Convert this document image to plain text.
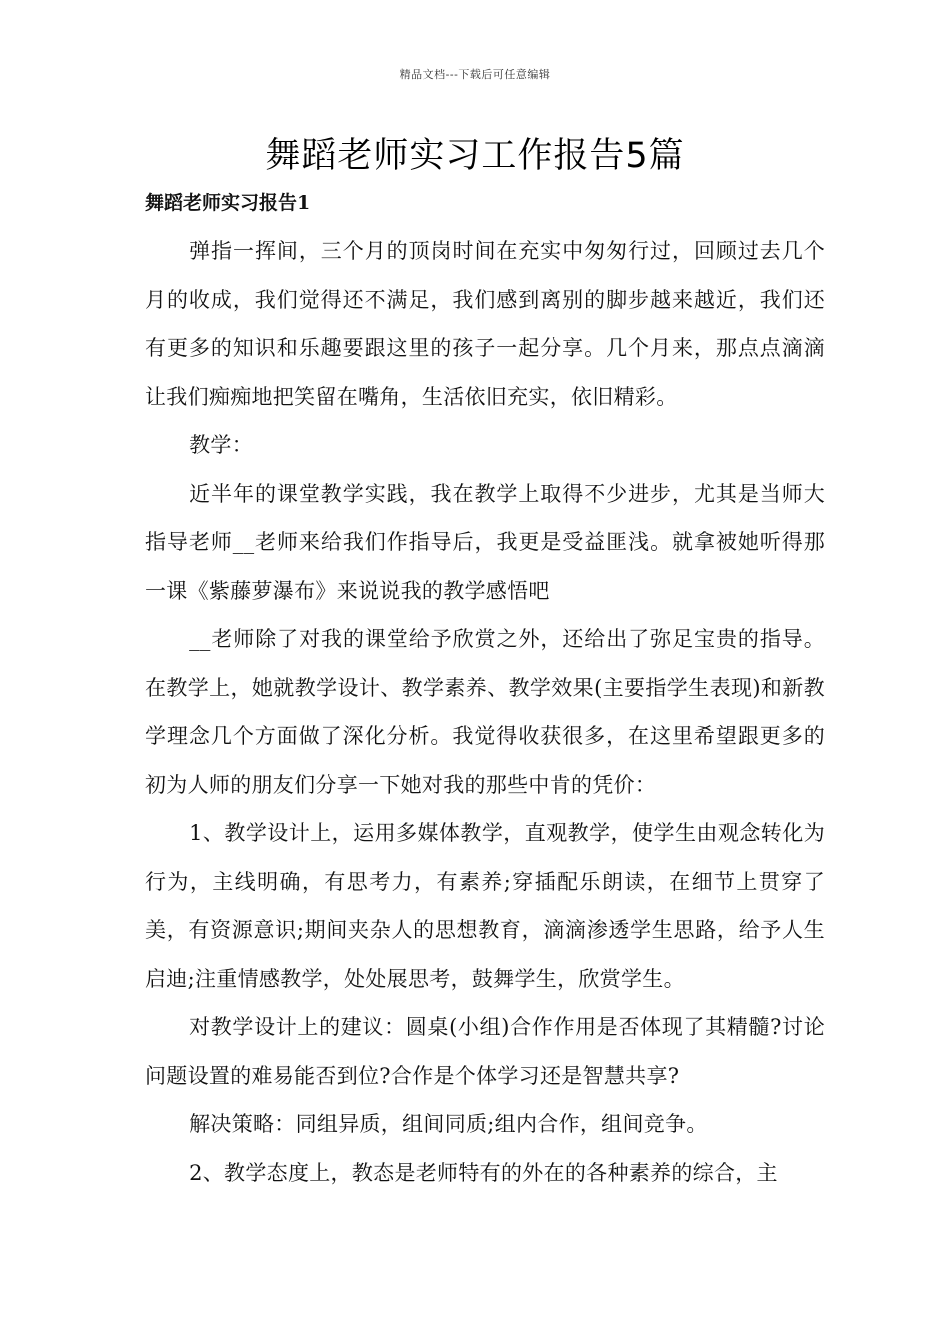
精品文档---下载后可任意编辑
舞蹈老师实习工作报告5篇
舞蹈老师实习报告1

弹指一挥间，三个月的顶岗时间在充实中匆匆行过，回顾过去几个月的收成，我们觉得还不满足，我们感到离别的脚步越来越近，我们还有更多的知识和乐趣要跟这里的孩子一起分享。几个月来，那点点滴滴让我们痴痴地把笑留在嘴角，生活依旧充实，依旧精彩。

教学：

近半年的课堂教学实践，我在教学上取得不少进步，尤其是当师大指导老师__老师来给我们作指导后，我更是受益匪浅。就拿被她听得那一课《紫藤萝瀑布》来说说我的教学感悟吧

__老师除了对我的课堂给予欣赏之外，还给出了弥足宝贵的指导。在教学上，她就教学设计、教学素养、教学效果(主要指学生表现)和新教学理念几个方面做了深化分析。我觉得收获很多，在这里希望跟更多的初为人师的朋友们分享一下她对我的那些中肯的凭价：

1、教学设计上，运用多媒体教学，直观教学，使学生由观念转化为行为，主线明确，有思考力，有素养;穿插配乐朗读，在细节上贯穿了美，有资源意识;期间夹杂人的思想教育，滴滴渗透学生思路，给予人生启迪;注重情感教学，处处展思考，鼓舞学生，欣赏学生。

对教学设计上的建议：圆桌(小组)合作作用是否体现了其精髓?讨论问题设置的难易能否到位?合作是个体学习还是智慧共享?

解决策略：同组异质，组间同质;组内合作，组间竞争。

2、教学态度上，教态是老师特有的外在的各种素养的综合，主
